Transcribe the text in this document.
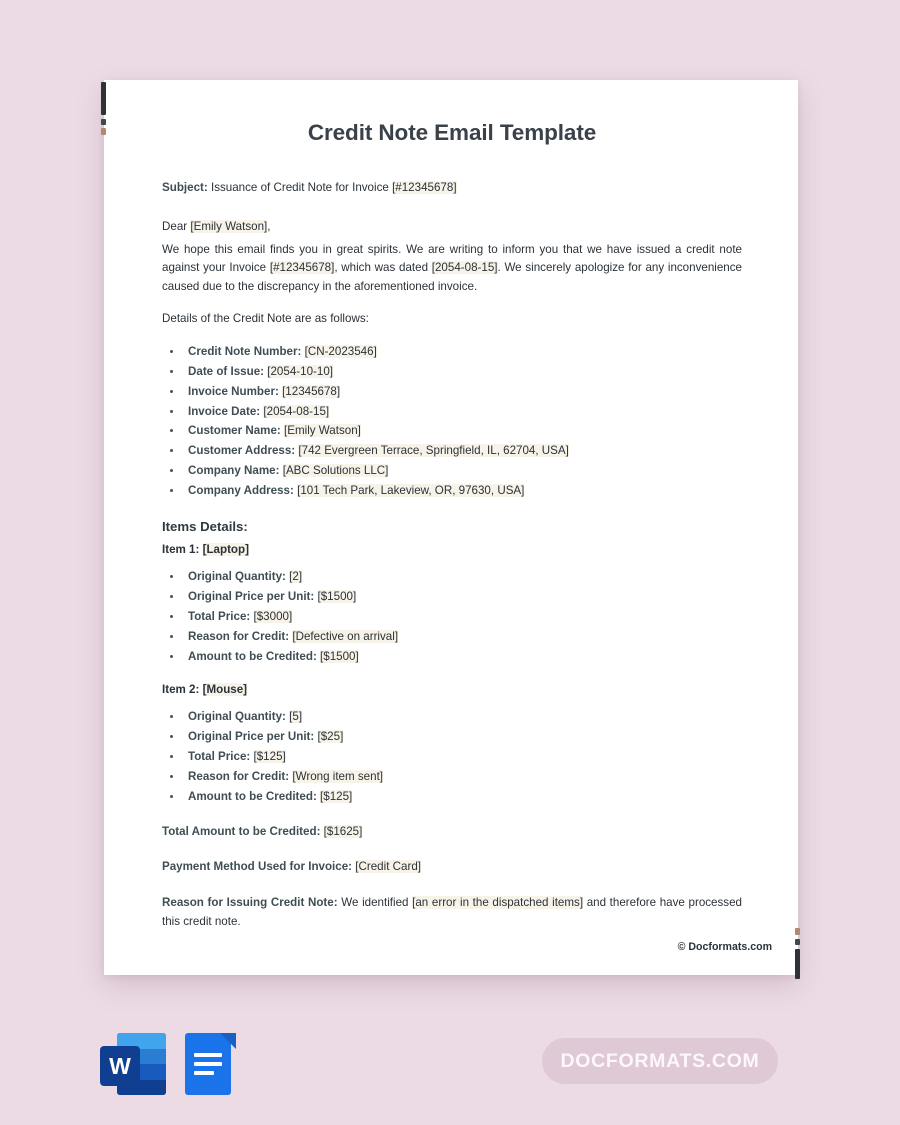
Credit Note Email Template

Subject: Issuance of Credit Note for Invoice [#12345678]

Dear [Emily Watson],

We hope this email finds you in great spirits. We are writing to inform you that we have issued a credit note against your Invoice [#12345678], which was dated [2054-08-15]. We sincerely apologize for any inconvenience caused due to the discrepancy in the aforementioned invoice.

Details of the Credit Note are as follows:

Credit Note Number: [CN-2023546]
Date of Issue: [2054-10-10]
Invoice Number: [12345678]
Invoice Date: [2054-08-15]
Customer Name: [Emily Watson]
Customer Address: [742 Evergreen Terrace, Springfield, IL, 62704, USA]
Company Name: [ABC Solutions LLC]
Company Address: [101 Tech Park, Lakeview, OR, 97630, USA]
Items Details:
Item 1: [Laptop]
Original Quantity: [2]
Original Price per Unit: [$1500]
Total Price: [$3000]
Reason for Credit: [Defective on arrival]
Amount to be Credited: [$1500]
Item 2: [Mouse]
Original Quantity: [5]
Original Price per Unit: [$25]
Total Price: [$125]
Reason for Credit: [Wrong item sent]
Amount to be Credited: [$125]

Total Amount to be Credited: [$1625]

Payment Method Used for Invoice: [Credit Card]

Reason for Issuing Credit Note: We identified [an error in the dispatched items] and therefore have processed this credit note.

© Docformats.com
W	DOCFORMATS.COM
